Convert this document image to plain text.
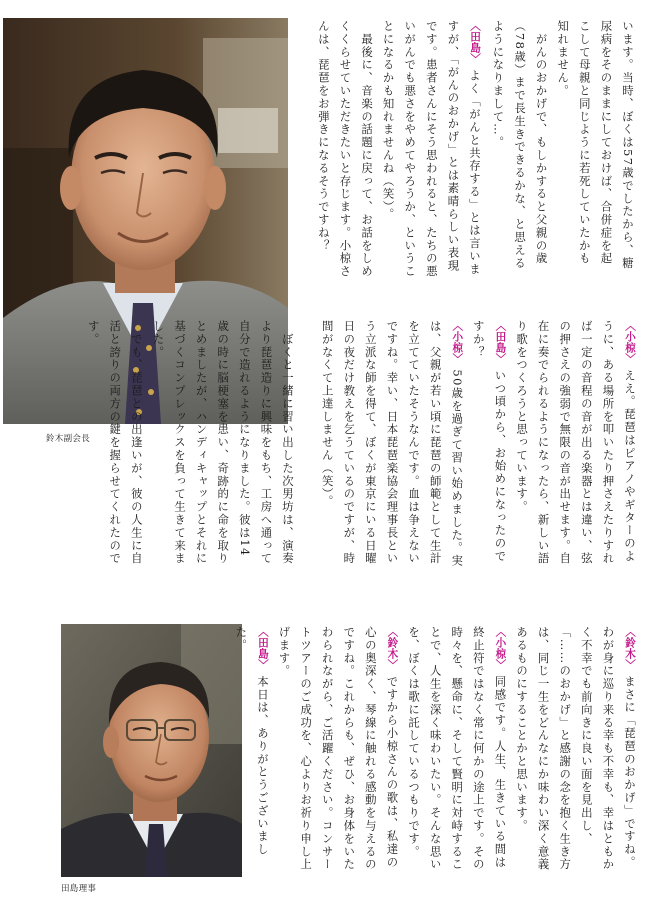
鈴木副会長
田島理事
います。当時、ぼくは57歳でしたから、糖尿病をそのままにしておけば、合併症を起こして母親と同じように若死していたかも知れません。
　がんのおかげで、もしかすると父親の歳（78歳）まで長生きできるかな、と思えるようになりまして…。
〈田島〉よく「がんと共存する」とは言いますが、「がんのおかげ」とは素晴らしい表現です。患者さんにそう思われると、たちの悪いがんでも悪さをやめてやろうか、ということになるかも知れませんね（笑）。
　最後に、音楽の話題に戻って、お話をしめくくらせていただきたいと存じます。小椋さんは、琵琶をお弾きになるそうですね？
〈小椋〉ええ。琵琶はピアノやギターのように、ある場所を叩いたり押さえたりすれば一定の音程の音が出る楽器とは違い、弦の押さえの強弱で無限の音が出せます。自在に奏でられるようになったら、新しい語り歌をつくろうと思っています。
〈田島〉いつ頃から、お始めになったのですか？
〈小椋〉50歳を過ぎて習い始めました。実は、父親が若い頃に琵琶の師範として生計を立てていたそうなんです。血は争えないですね。幸い、日本琵琶楽協会理事長という立派な師を得て、ぼくが東京にいる日曜日の夜だけ教えを乞うているのですが、時間がなくて上達しません（笑）。
　ぼくと一緒に習い出した次男坊は、演奏より琵琶造りに興味をもち、工房へ通って自分で造れるようになりました。彼は14歳の時に脳梗塞を患い、奇跡的に命を取りとめましたが、ハンディキャップとそれに基づくコンプレックスを負って生きて来ました。
　でも、琵琶との出逢いが、彼の人生に自活と誇りの両方の鍵を握らせてくれたのです。
〈鈴木〉まさに「琵琶のおかげ」ですね。わが身に巡り来る幸も不幸も、幸はともかく不幸でも前向きに良い面を見出し、「……のおかげ」と感謝の念を抱く生き方は、同じ一生をどんなにか味わい深く意義あるものにすることかと思います。
〈小椋〉同感です。人生、生きている間は終止符ではなく常に何かの途上です。その時々を、懸命に、そして賢明に対峙することで、人生を深く味わいたい。そんな思いを、ぼくは歌に託しているつもりです。
〈鈴木〉ですから小椋さんの歌は、私達の心の奥深く、琴線に触れる感動を与えるのですね。これからも、ぜひ、お身体をいたわられながら、ご活躍ください。コンサートツアーのご成功を、心よりお祈り申し上げます。
〈田島〉本日は、ありがとうございました。
